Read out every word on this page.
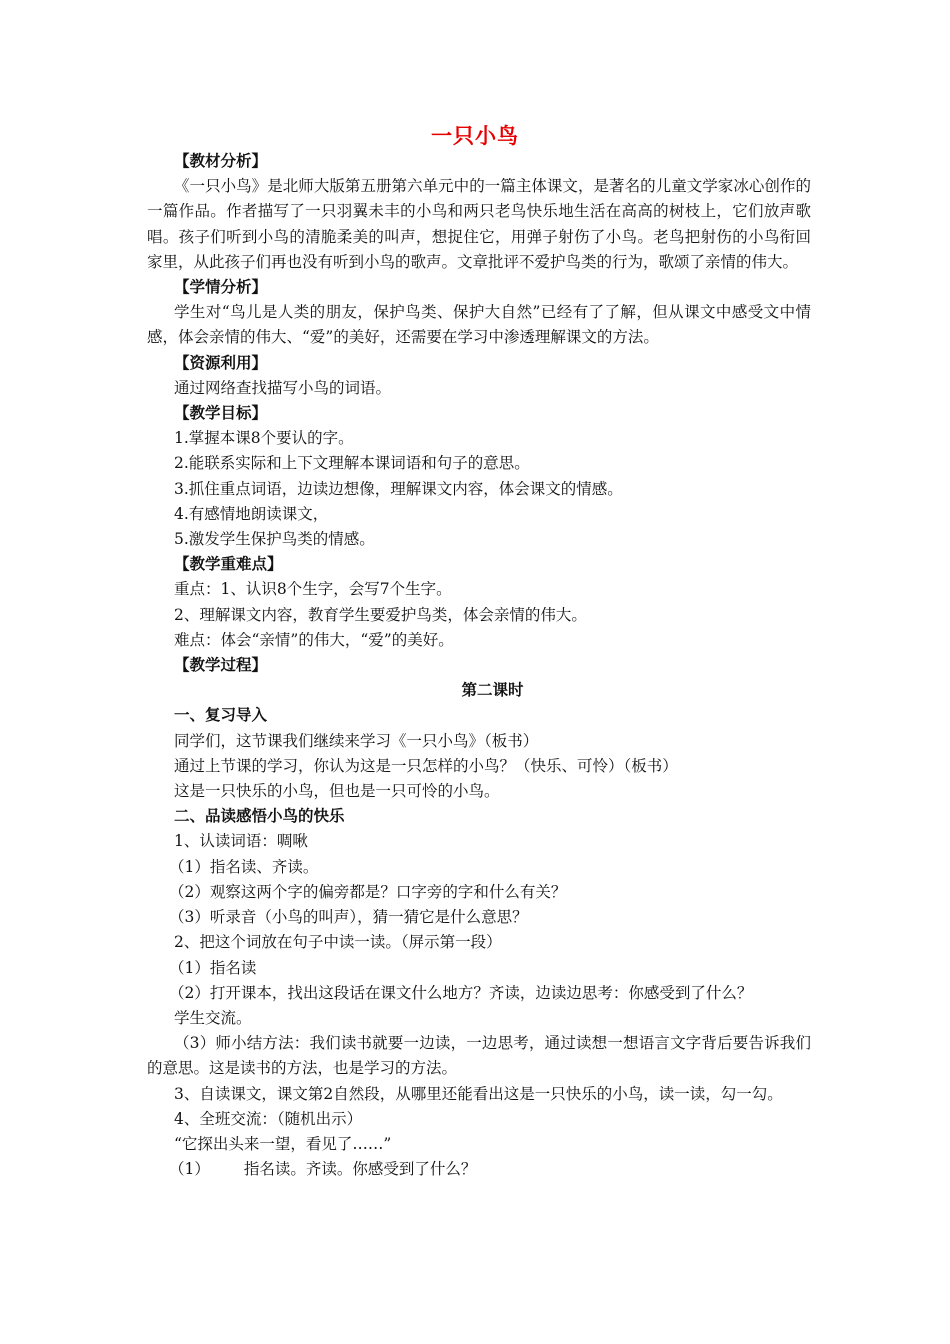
一只小鸟

【教材分析】

《一只小鸟》是北师大版第五册第六单元中的一篇主体课文，是著名的儿童文学家冰心创作的一篇作品。作者描写了一只羽翼未丰的小鸟和两只老鸟快乐地生活在高高的树枝上，它们放声歌唱。孩子们听到小鸟的清脆柔美的叫声，想捉住它，用弹子射伤了小鸟。老鸟把射伤的小鸟衔回家里，从此孩子们再也没有听到小鸟的歌声。文章批评不爱护鸟类的行为，歌颂了亲情的伟大。

【学情分析】

学生对“鸟儿是人类的朋友，保护鸟类、保护大自然”已经有了了解，但从课文中感受文中情感，体会亲情的伟大、“爱”的美好，还需要在学习中渗透理解课文的方法。

【资源利用】

通过网络查找描写小鸟的词语。

【教学目标】

1.掌握本课8个要认的字。

2.能联系实际和上下文理解本课词语和句子的意思。

3.抓住重点词语，边读边想像，理解课文内容，体会课文的情感。

4.有感情地朗读课文，

5.激发学生保护鸟类的情感。

【教学重难点】

重点：1、认识8个生字，会写7个生字。

2、理解课文内容，教育学生要爱护鸟类，体会亲情的伟大。

难点：体会“亲情”的伟大，“爱”的美好。

【教学过程】

第二课时

一、复习导入

同学们，这节课我们继续来学习《一只小鸟》（板书）

通过上节课的学习，你认为这是一只怎样的小鸟？（快乐、可怜）（板书）

这是一只快乐的小鸟，但也是一只可怜的小鸟。

二、品读感悟小鸟的快乐

1、认读词语：啁啾

（1）指名读、齐读。

（2）观察这两个字的偏旁都是？口字旁的字和什么有关？

（3）听录音（小鸟的叫声），猜一猜它是什么意思？

2、把这个词放在句子中读一读。（屏示第一段）

（1）指名读

（2）打开课本，找出这段话在课文什么地方？齐读，边读边思考：你感受到了什么？

学生交流。

（3）师小结方法：我们读书就要一边读，一边思考，通过读想一想语言文字背后要告诉我们的意思。这是读书的方法，也是学习的方法。

3、自读课文，课文第2自然段，从哪里还能看出这是一只快乐的小鸟，读一读，勾一勾。

4、全班交流：（随机出示）

“它探出头来一望，看见了……”

（1） 指名读。齐读。你感受到了什么？
